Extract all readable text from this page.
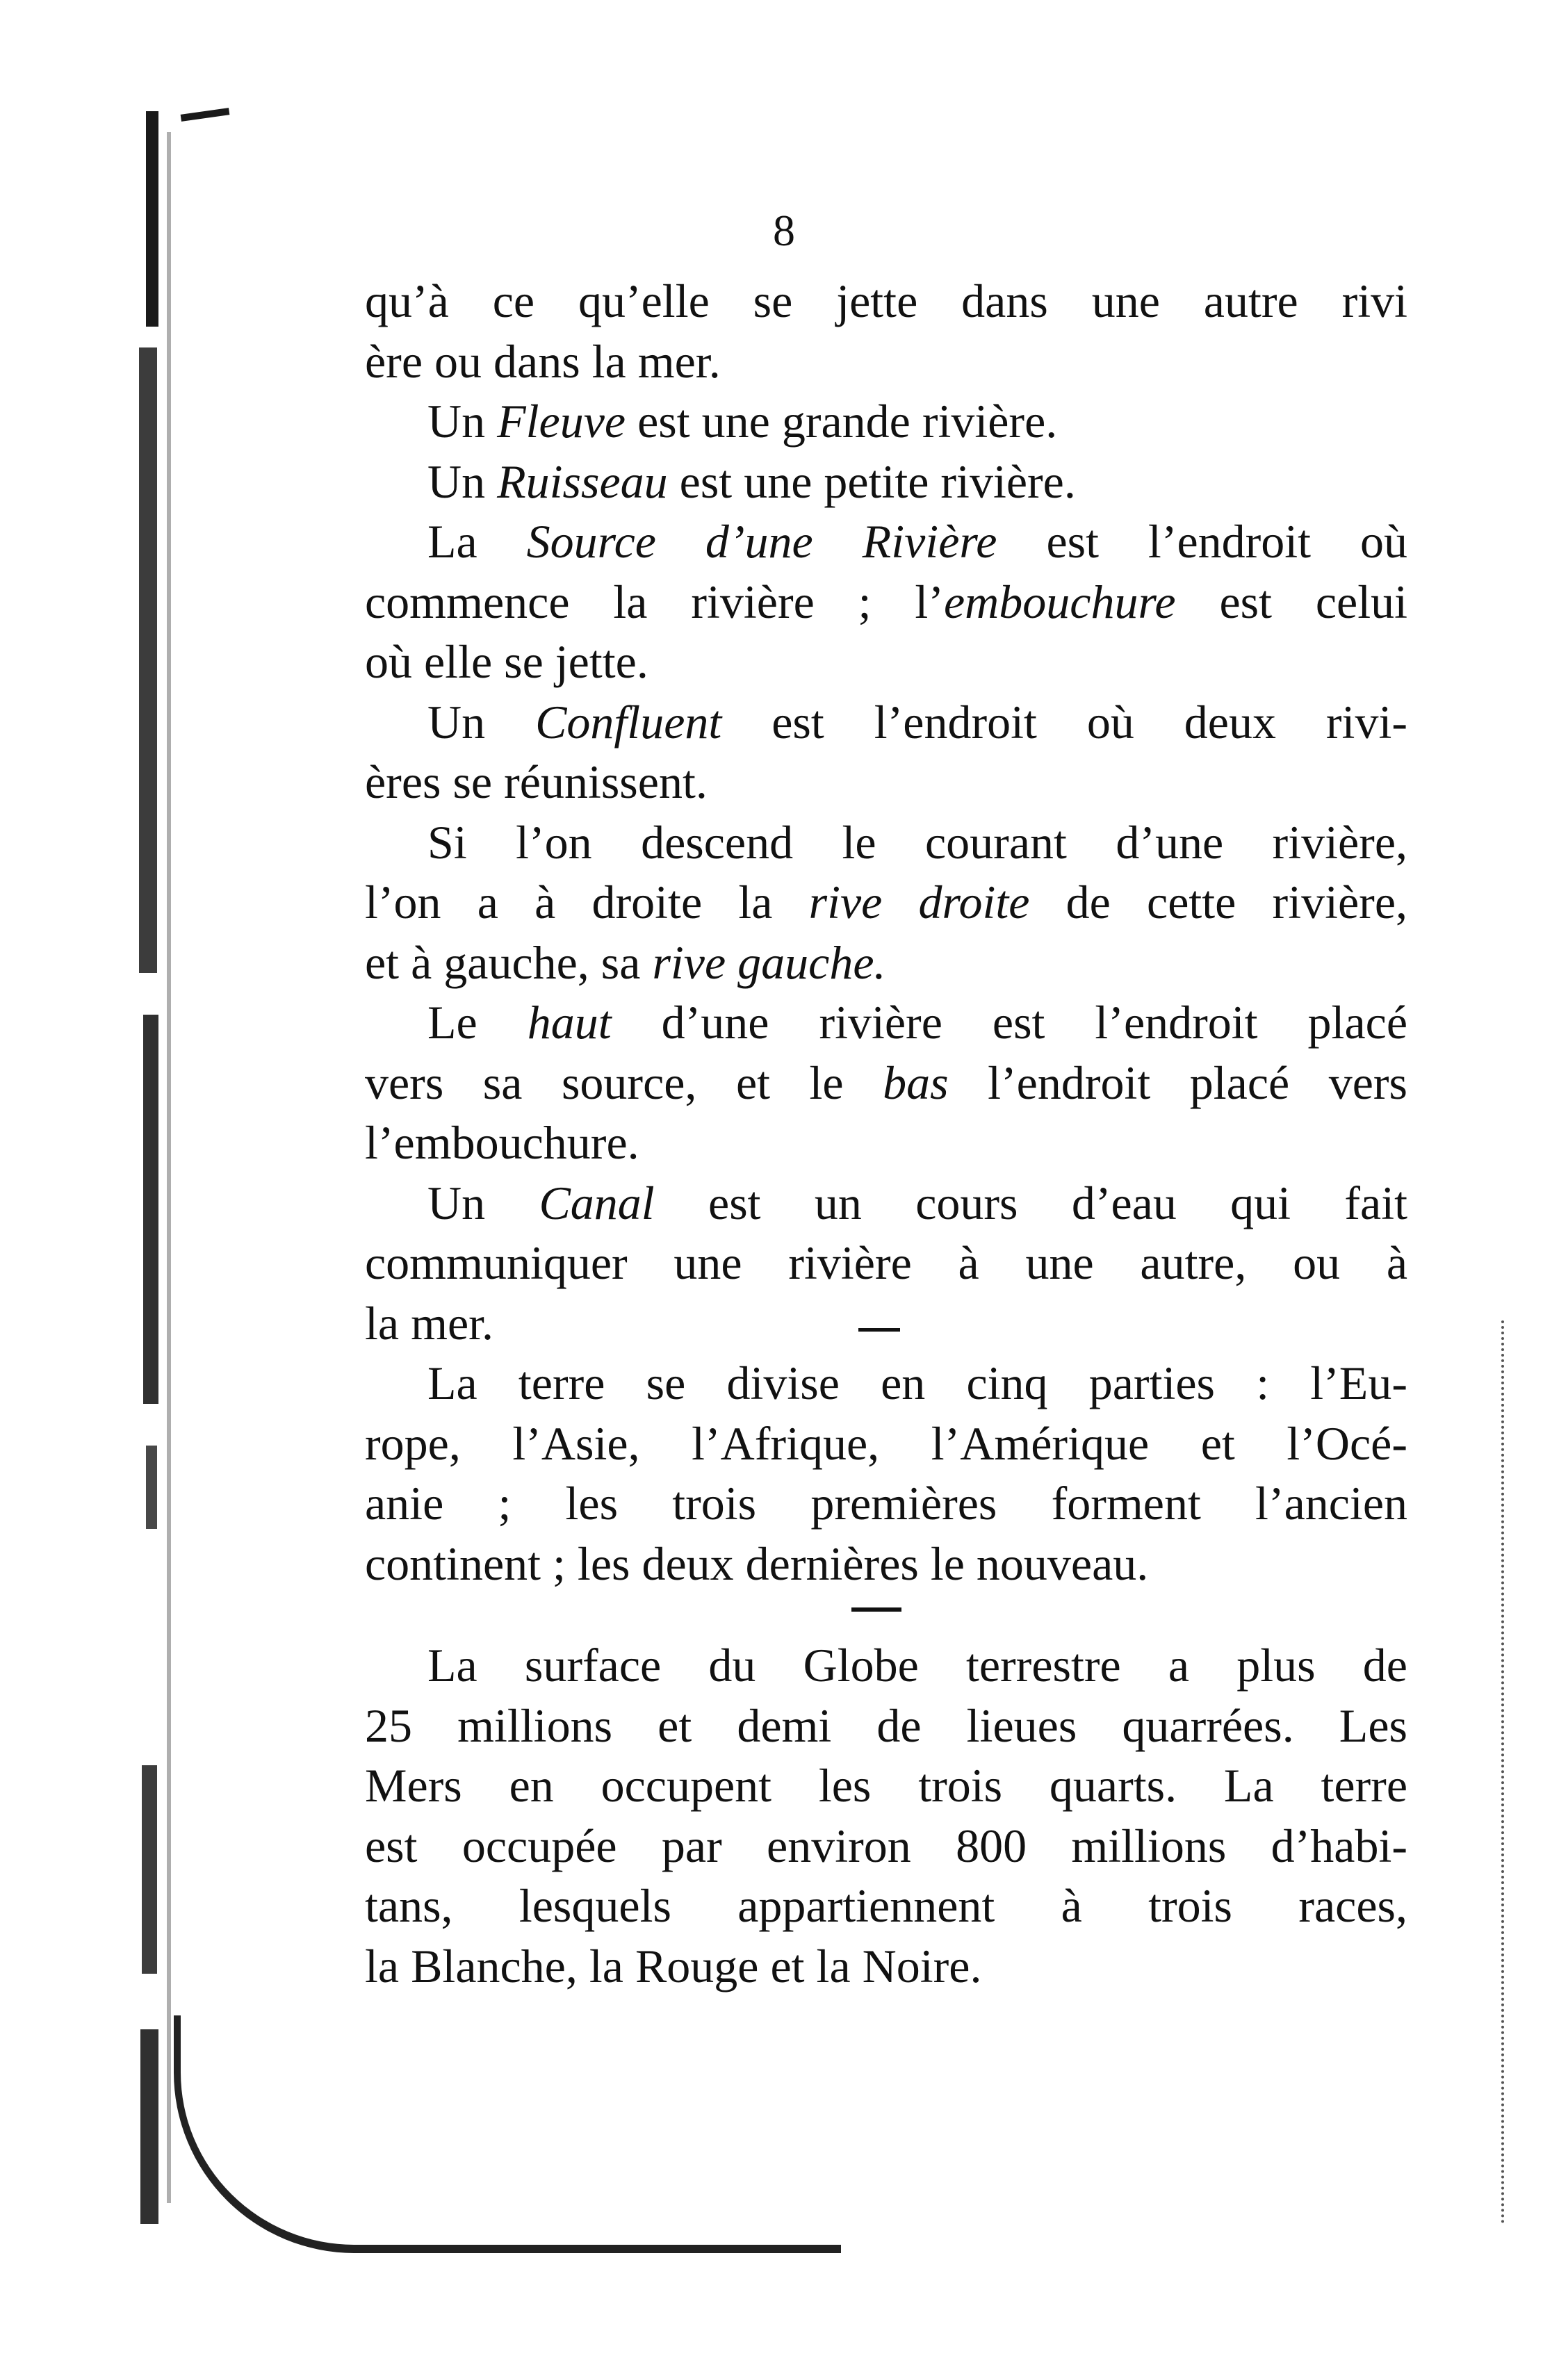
8
qu’à ce qu’elle se jette dans une autre rivi
ère ou dans la mer.
Un Fleuve est une grande rivière.
Un Ruisseau est une petite rivière.
La Source d’une Rivière est l’endroit où
commence la rivière ; l’embouchure est celui
où elle se jette.
Un Confluent est l’endroit où deux rivi-
ères se réunissent.
Si l’on descend le courant d’une rivière,
l’on a à droite la rive droite de cette rivière,
et à gauche, sa rive gauche.
Le haut d’une rivière est l’endroit placé
vers sa source, et le bas l’endroit placé vers
l’embouchure.
Un Canal est un cours d’eau qui fait
communiquer une rivière à une autre, ou à
la mer.
La terre se divise en cinq parties : l’Eu-
rope, l’Asie, l’Afrique, l’Amérique et l’Océ-
anie ; les trois premières forment l’ancien
continent ; les deux dernières le nouveau.
La surface du Globe terrestre a plus de
25 millions et demi de lieues quarrées. Les
Mers en occupent les trois quarts. La terre
est occupée par environ 800 millions d’habi-
tans, lesquels appartiennent à trois races,
la Blanche, la Rouge et la Noire.
